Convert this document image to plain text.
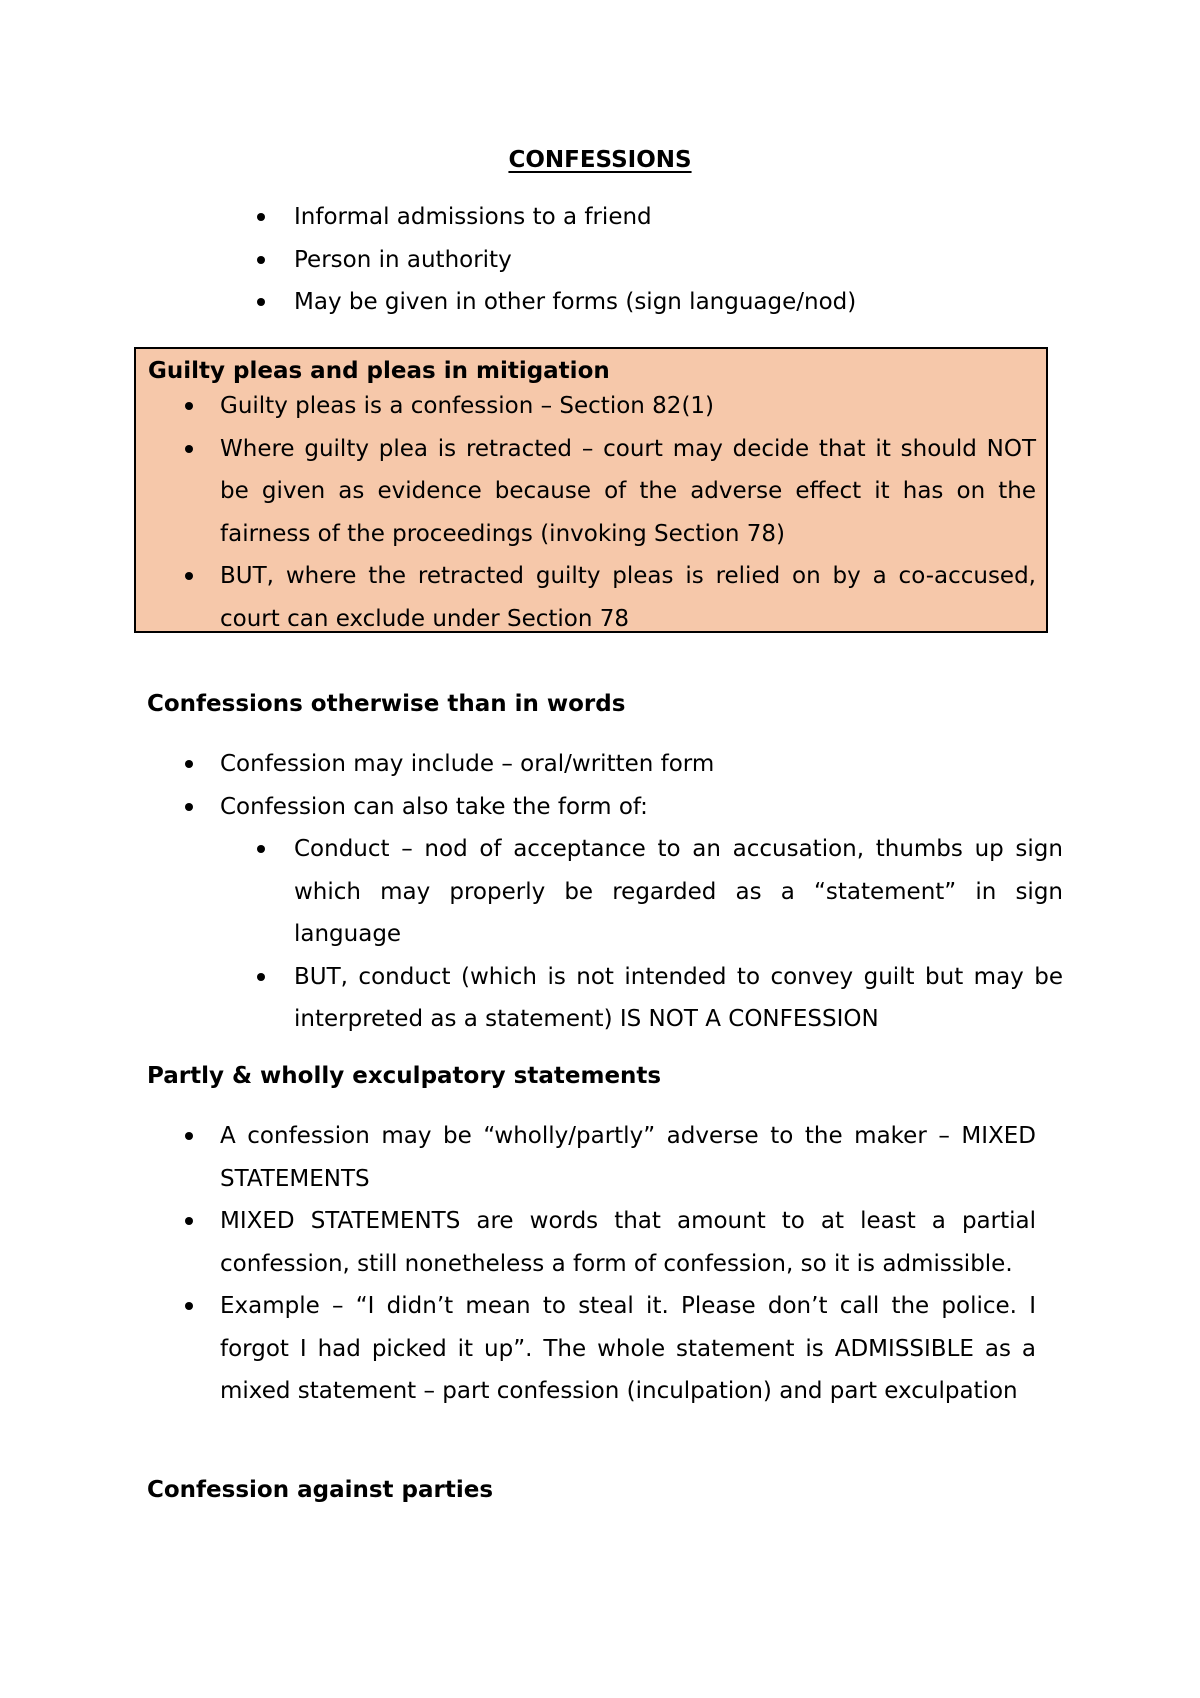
CONFESSIONS
Informal admissions to a friend
Person in authority
May be given in other forms (sign language/nod)
Guilty pleas and pleas in mitigation
Guilty pleas is a confession – Section 82(1)
Where guilty plea is retracted – court may decide that it should NOT be given as evidence because of the adverse effect it has on the fairness of the proceedings (invoking Section 78)
BUT, where the retracted guilty pleas is relied on by a co-accused, court can exclude under Section 78
Confessions otherwise than in words
Confession may include – oral/written form
Confession can also take the form of:
Conduct – nod of acceptance to an accusation, thumbs up sign which may properly be regarded as a “statement” in sign language
BUT, conduct (which is not intended to convey guilt but may be interpreted as a statement) IS NOT A CONFESSION
Partly & wholly exculpatory statements
A confession may be “wholly/partly” adverse to the maker – MIXED STATEMENTS
MIXED STATEMENTS are words that amount to at least a partial confession, still nonetheless a form of confession, so it is admissible.
Example – “I didn’t mean to steal it. Please don’t call the police. I forgot I had picked it up”. The whole statement is ADMISSIBLE as a mixed statement – part confession (inculpation) and part exculpation
Confession against parties
